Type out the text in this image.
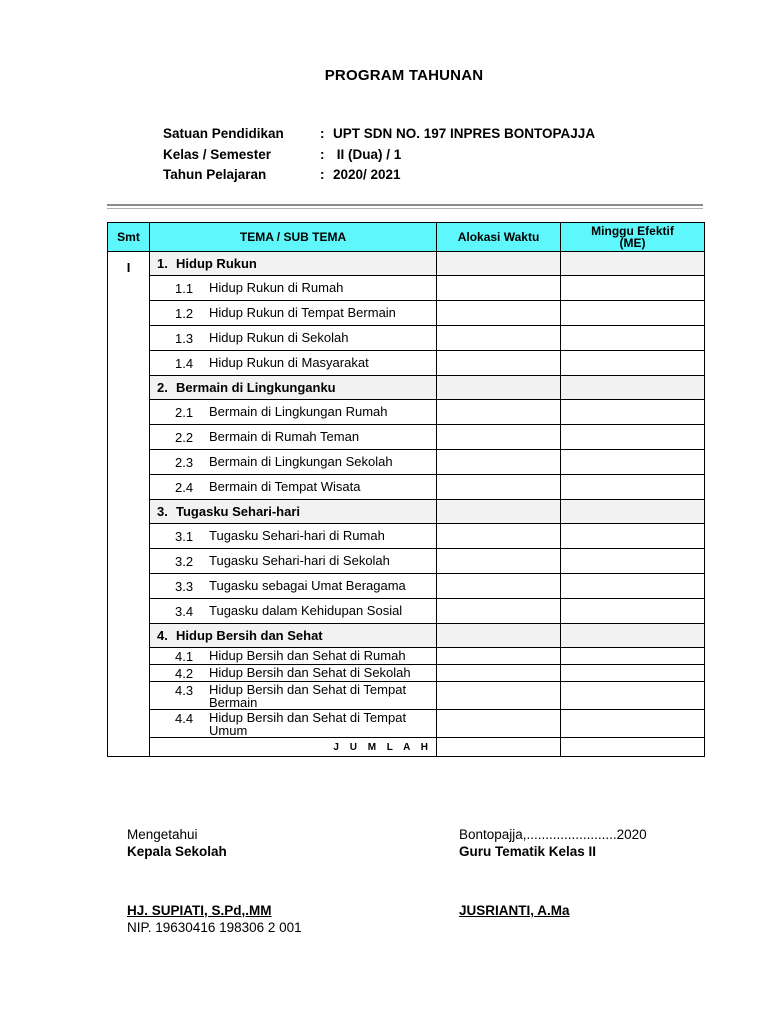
PROGRAM TAHUNAN
Satuan Pendidikan	: UPT SDN NO. 197 INPRES BONTOPAJJA
Kelas / Semester	: II (Dua) / 1
Tahun Pelajaran	: 2020/ 2021
Smt	TEMA / SUB TEMA	Alokasi Waktu	Minggu Efektif
(ME)

I	1. Hidup Rukun		
	1.1 Hidup Rukun di Rumah		
	1.2 Hidup Rukun di Tempat Bermain		
	1.3 Hidup Rukun di Sekolah		
	1.4 Hidup Rukun di Masyarakat		
	2. Bermain di Lingkunganku		
	2.1 Bermain di Lingkungan Rumah		
	2.2 Bermain di Rumah Teman		
	2.3 Bermain di Lingkungan Sekolah		
	2.4 Bermain di Tempat Wisata		
	3. Tugasku Sehari-hari		
	3.1 Tugasku Sehari-hari di Rumah		
	3.2 Tugasku Sehari-hari di Sekolah		
	3.3 Tugasku sebagai Umat Beragama		
	3.4 Tugasku dalam Kehidupan Sosial		
	4. Hidup Bersih dan Sehat		
	4.1 Hidup Bersih dan Sehat di Rumah		
	4.2 Hidup Bersih dan Sehat di Sekolah		
	4.3 Hidup Bersih dan Sehat di Tempat Bermain		
	4.4 Hidup Bersih dan Sehat di Tempat Umum		
	J U M L A H		
Mengetahui
Kepala Sekolah
HJ. SUPIATI, S.Pd,.MM
NIP. 19630416 198306 2 001
Bontopajja,........................2020
Guru Tematik Kelas II
JUSRIANTI, A.Ma
